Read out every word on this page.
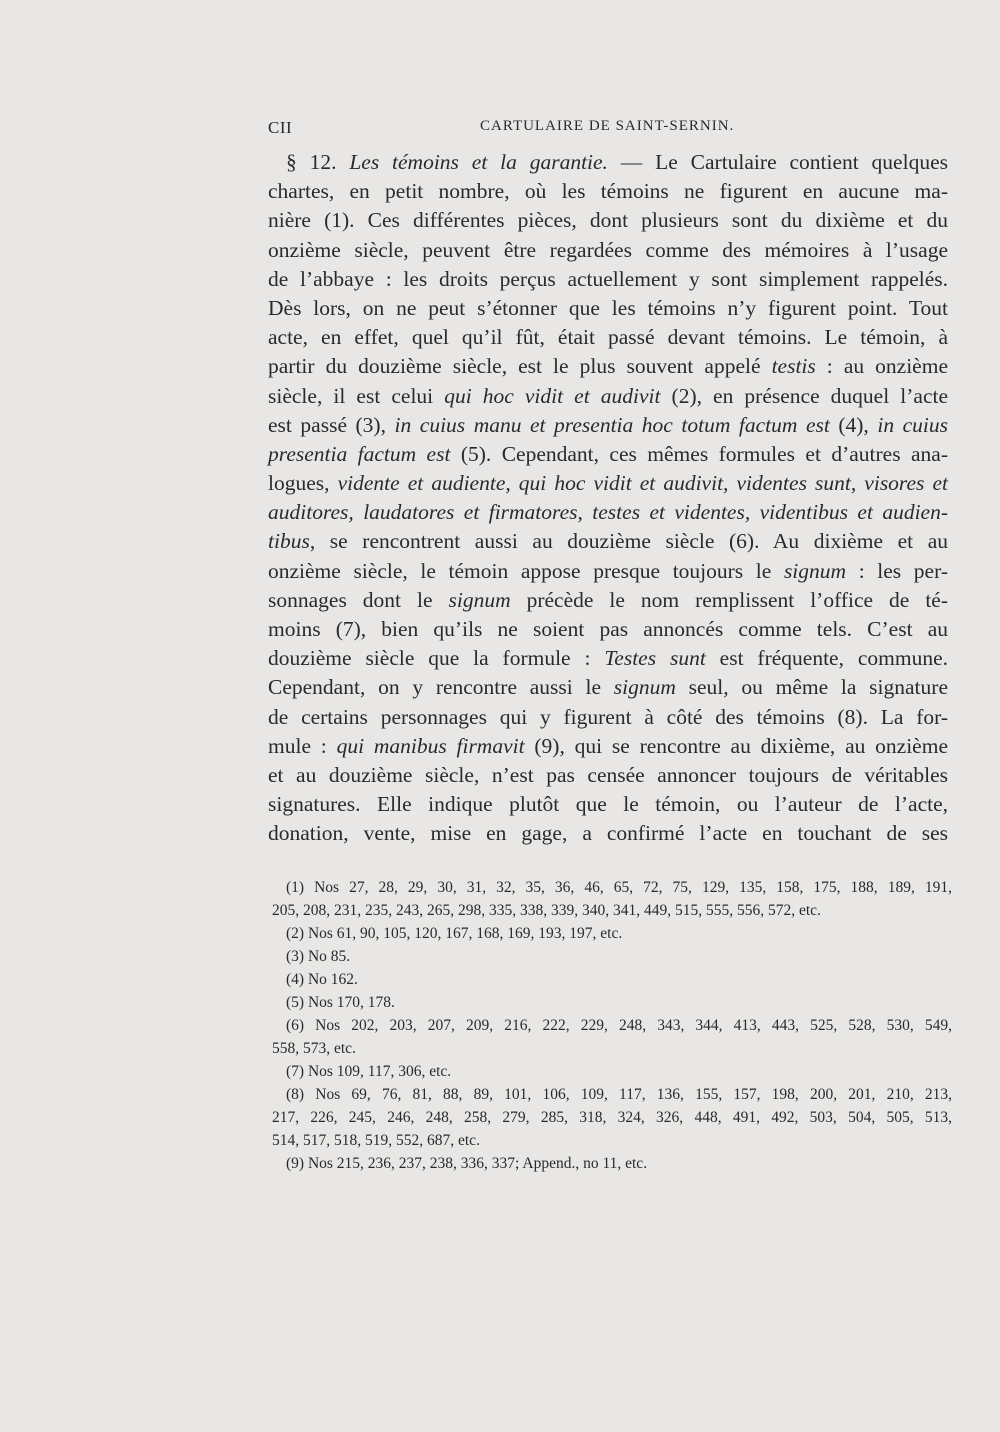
CII	CARTULAIRE DE SAINT-SERNIN.
§ 12. Les témoins et la garantie. — Le Cartulaire contient quelques
chartes, en petit nombre, où les témoins ne figurent en aucune ma-
nière (1). Ces différentes pièces, dont plusieurs sont du dixième et du
onzième siècle, peuvent être regardées comme des mémoires à l’usage
de l’abbaye : les droits perçus actuellement y sont simplement rappelés.
Dès lors, on ne peut s’étonner que les témoins n’y figurent point. Tout
acte, en effet, quel qu’il fût, était passé devant témoins. Le témoin, à
partir du douzième siècle, est le plus souvent appelé testis : au onzième
siècle, il est celui qui hoc vidit et audivit (2), en présence duquel l’acte
est passé (3), in cuius manu et presentia hoc totum factum est (4), in cuius
presentia factum est (5). Cependant, ces mêmes formules et d’autres ana-
logues, vidente et audiente, qui hoc vidit et audivit, videntes sunt, visores et
auditores, laudatores et firmatores, testes et videntes, videntibus et audien-
tibus, se rencontrent aussi au douzième siècle (6). Au dixième et au
onzième siècle, le témoin appose presque toujours le signum : les per-
sonnages dont le signum précède le nom remplissent l’office de té-
moins (7), bien qu’ils ne soient pas annoncés comme tels. C’est au
douzième siècle que la formule : Testes sunt est fréquente, commune.
Cependant, on y rencontre aussi le signum seul, ou même la signature
de certains personnages qui y figurent à côté des témoins (8). La for-
mule : qui manibus firmavit (9), qui se rencontre au dixième, au onzième
et au douzième siècle, n’est pas censée annoncer toujours de véritables
signatures. Elle indique plutôt que le témoin, ou l’auteur de l’acte,
donation, vente, mise en gage, a confirmé l’acte en touchant de ses
(1) Nos 27, 28, 29, 30, 31, 32, 35, 36, 46, 65, 72, 75, 129, 135, 158, 175, 188, 189, 191,
205, 208, 231, 235, 243, 265, 298, 335, 338, 339, 340, 341, 449, 515, 555, 556, 572, etc.
(2) Nos 61, 90, 105, 120, 167, 168, 169, 193, 197, etc.
(3) No 85.
(4) No 162.
(5) Nos 170, 178.
(6) Nos 202, 203, 207, 209, 216, 222, 229, 248, 343, 344, 413, 443, 525, 528, 530, 549,
558, 573, etc.
(7) Nos 109, 117, 306, etc.
(8) Nos 69, 76, 81, 88, 89, 101, 106, 109, 117, 136, 155, 157, 198, 200, 201, 210, 213,
217, 226, 245, 246, 248, 258, 279, 285, 318, 324, 326, 448, 491, 492, 503, 504, 505, 513,
514, 517, 518, 519, 552, 687, etc.
(9) Nos 215, 236, 237, 238, 336, 337; Append., no 11, etc.
